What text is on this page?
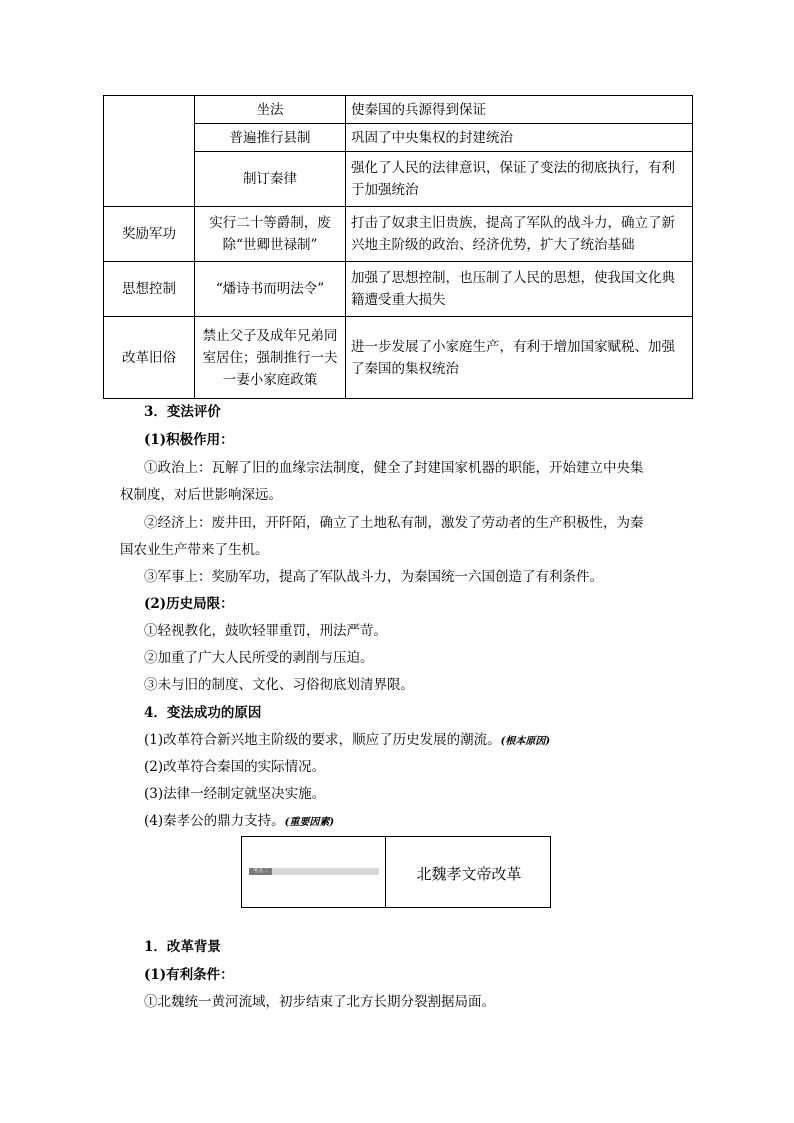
	坐法	使秦国的兵源得到保证
	普遍推行县制	巩固了中央集权的封建统治
	制订秦律	强化了人民的法律意识，保证了变法的彻底执行，有利于加强统治
奖励军功	实行二十等爵制，废除“世卿世禄制”	打击了奴隶主旧贵族，提高了军队的战斗力，确立了新兴地主阶级的政治、经济优势，扩大了统治基础
思想控制	“燔诗书而明法令”	加强了思想控制，也压制了人民的思想，使我国文化典籍遭受重大损失
改革旧俗	禁止父子及成年兄弟同室居住；强制推行一夫一妻小家庭政策	进一步发展了小家庭生产，有利于增加国家赋税、加强了秦国的集权统治
3．变法评价
(1)积极作用：
①政治上：瓦解了旧的血缘宗法制度，健全了封建国家机器的职能，开始建立中央集
权制度，对后世影响深远。
②经济上：废井田，开阡陌，确立了土地私有制，激发了劳动者的生产积极性，为秦
国农业生产带来了生机。
③军事上：奖励军功，提高了军队战斗力，为秦国统一六国创造了有利条件。
(2)历史局限：
①轻视教化，鼓吹轻罪重罚，刑法严苛。
②加重了广大人民所受的剥削与压迫。
③未与旧的制度、文化、习俗彻底划清界限。
4．变法成功的原因
(1)改革符合新兴地主阶级的要求，顺应了历史发展的潮流。(根本原因)
(2)改革符合秦国的实际情况。
(3)法律一经制定就坚决实施。
(4)秦孝公的鼎力支持。(重要因素)
考点二	北魏孝文帝改革
1．改革背景
(1)有利条件：
①北魏统一黄河流域，初步结束了北方长期分裂割据局面。
